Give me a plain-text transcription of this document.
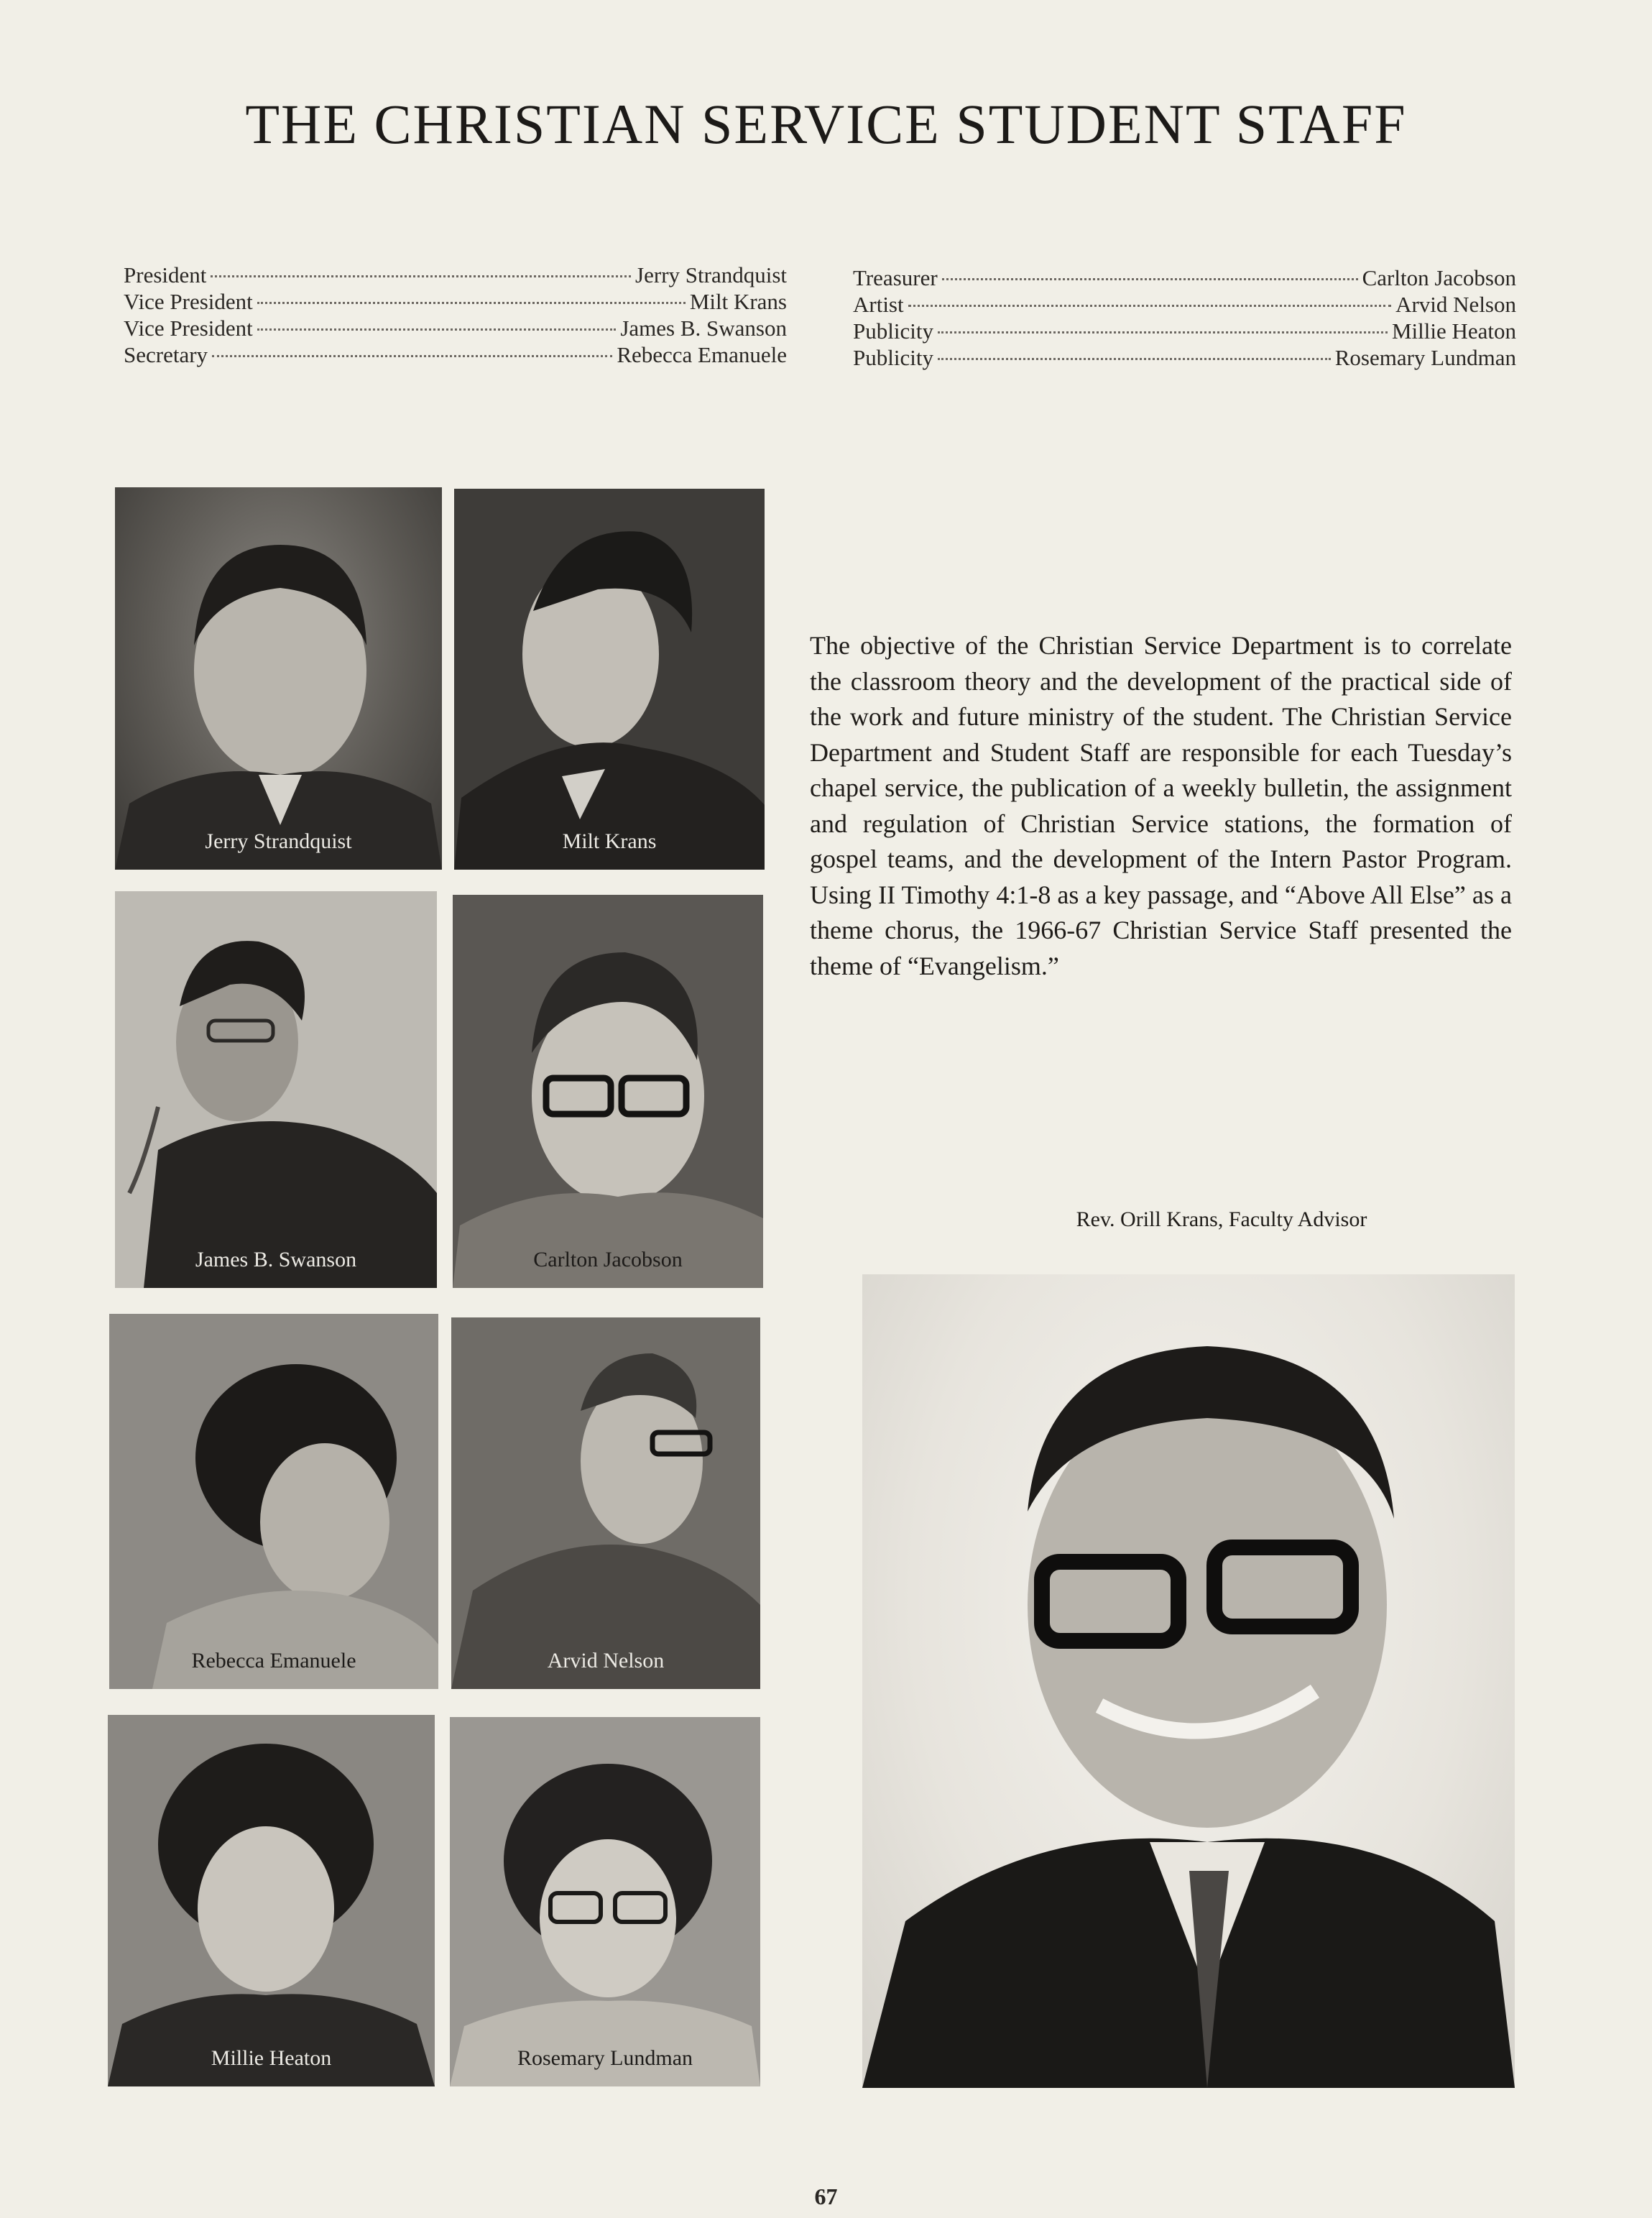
THE CHRISTIAN SERVICE STUDENT STAFF
President	Jerry Strandquist
Vice President	Milt Krans
Vice President	James B. Swanson
Secretary	Rebecca Emanuele
Treasurer	Carlton Jacobson
Artist	Arvid Nelson
Publicity	Millie Heaton
Publicity	Rosemary Lundman
Jerry Strandquist	Milt Krans
James B. Swanson	Carlton Jacobson
Rebecca Emanuele	Arvid Nelson
Millie Heaton	Rosemary Lundman
The objective of the Christian Service Department is to correlate the classroom theory and the development of the practical side of the work and future ministry of the student. The Christian Service Department and Student Staff are responsible for each Tuesday’s chapel service, the publication of a weekly bulletin, the assignment and regulation of Christian Service stations, the formation of gospel teams, and the development of the Intern Pastor Program. Using II Timothy 4:1-8 as a key passage, and “Above All Else” as a theme chorus, the 1966-67 Christian Service Staff presented the theme of “Evangelism.”
Rev. Orill Krans, Faculty Advisor
67
